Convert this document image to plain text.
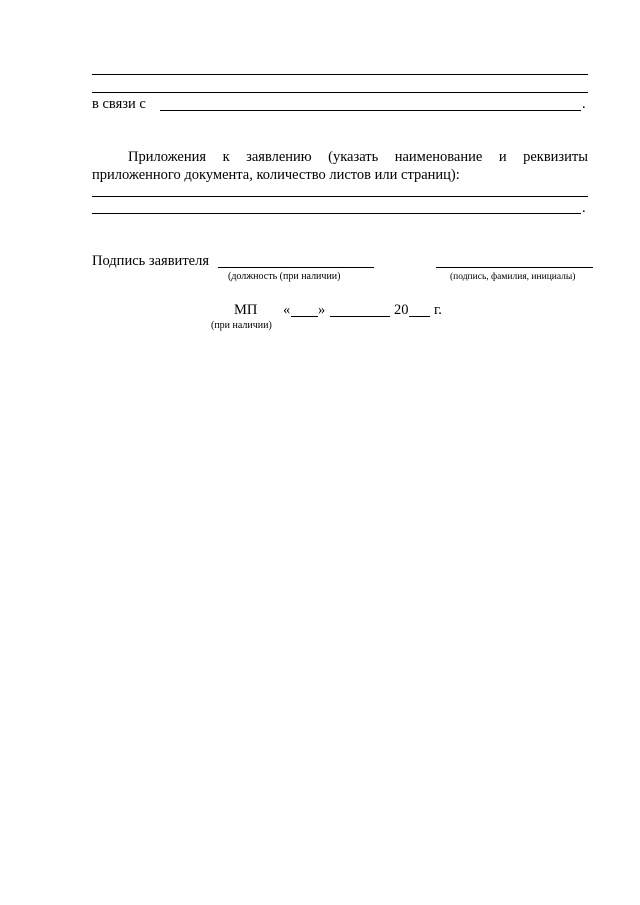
в связи с	.
Приложения к заявлению (указать наименование и реквизиты
приложенного документа, количество листов или страниц):
.
Подпись заявителя
(должность (при наличии)	(подпись, фамилия, инициалы)
МП
(при наличии)
« »	20 г.
